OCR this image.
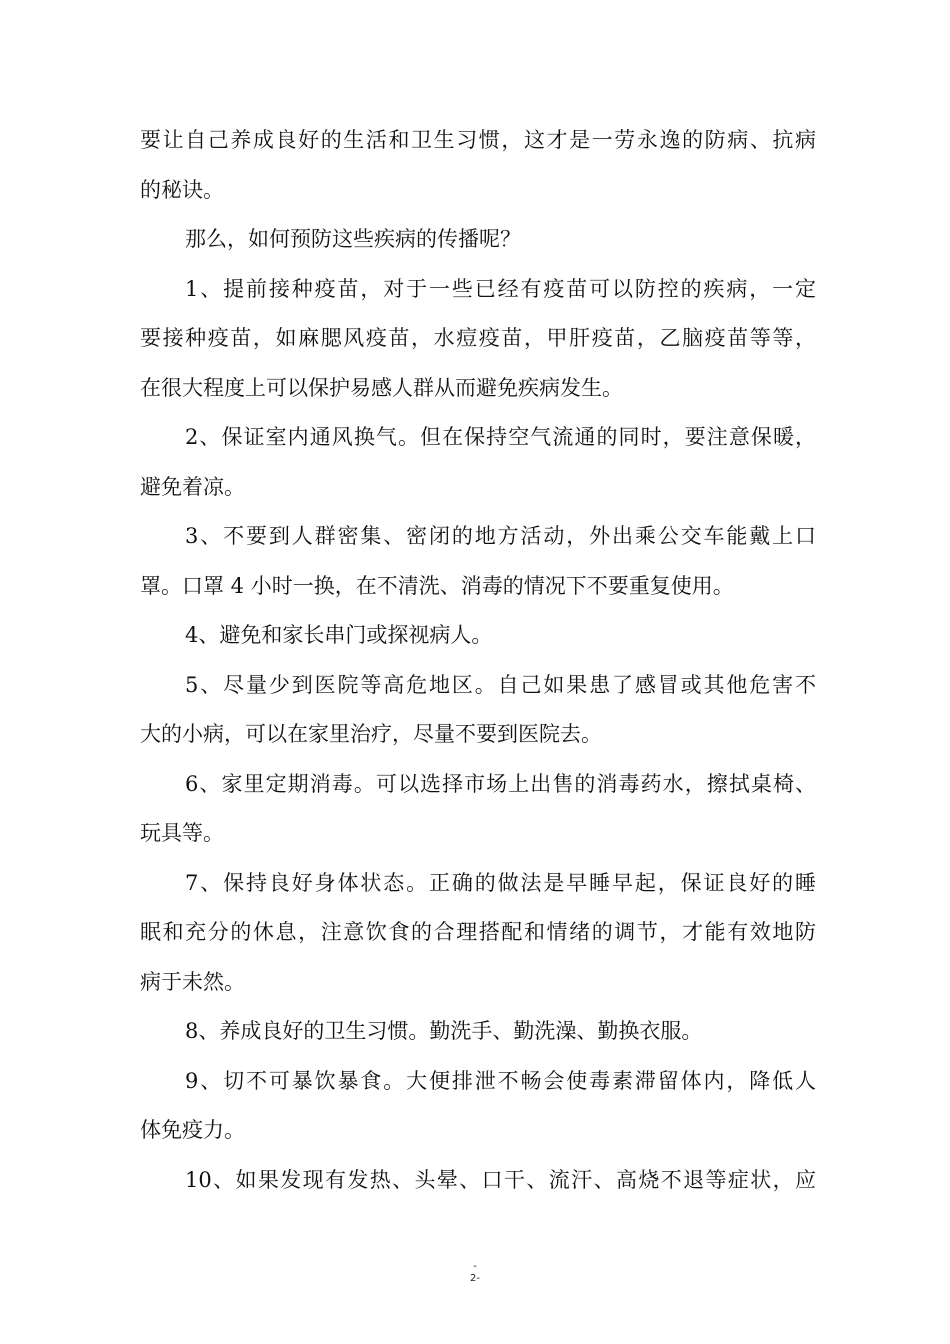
要让自己养成良好的生活和卫生习惯，这才是一劳永逸的防病、抗病
的秘诀。
那么，如何预防这些疾病的传播呢？
1、提前接种疫苗，对于一些已经有疫苗可以防控的疾病，一定
要接种疫苗，如麻腮风疫苗，水痘疫苗，甲肝疫苗，乙脑疫苗等等，
在很大程度上可以保护易感人群从而避免疾病发生。
2、保证室内通风换气。但在保持空气流通的同时，要注意保暖，
避免着凉。
3、不要到人群密集、密闭的地方活动，外出乘公交车能戴上口
罩。口罩 4 小时一换，在不清洗、消毒的情况下不要重复使用。
4、避免和家长串门或探视病人。
5、尽量少到医院等高危地区。自己如果患了感冒或其他危害不
大的小病，可以在家里治疗，尽量不要到医院去。
6、家里定期消毒。可以选择市场上出售的消毒药水，擦拭桌椅、
玩具等。
7、保持良好身体状态。正确的做法是早睡早起，保证良好的睡
眠和充分的休息，注意饮食的合理搭配和情绪的调节，才能有效地防
病于未然。
8、养成良好的卫生习惯。勤洗手、勤洗澡、勤换衣服。
9、切不可暴饮暴食。大便排泄不畅会使毒素滞留体内，降低人
体免疫力。
10、如果发现有发热、头晕、口干、流汗、高烧不退等症状，应
-
2-
